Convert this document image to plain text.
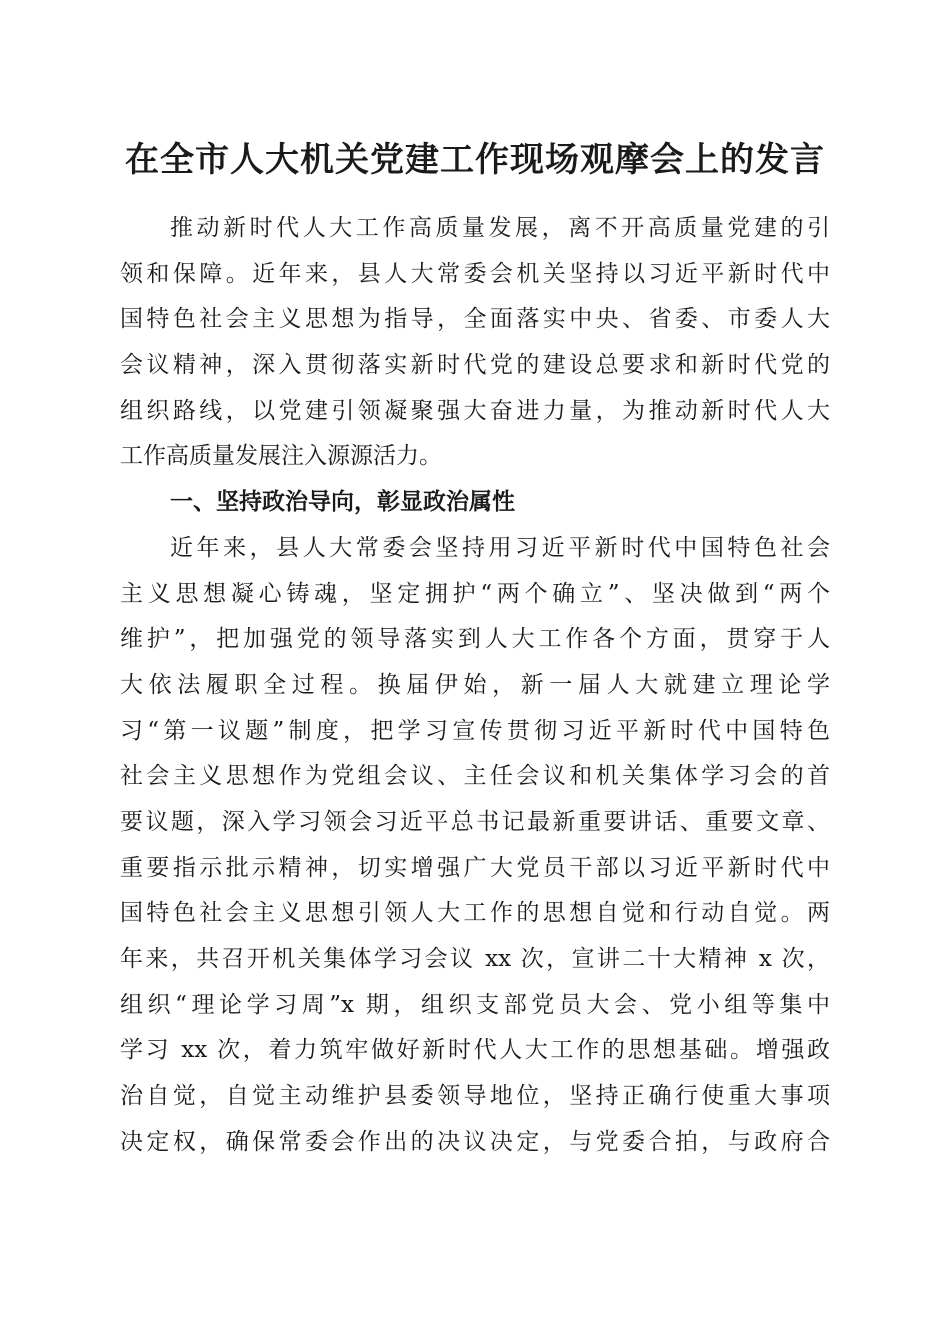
在全市人大机关党建工作现场观摩会上的发言
推动新时代人大工作高质量发展，离不开高质量党建的引
领和保障。近年来，县人大常委会机关坚持以习近平新时代中
国特色社会主义思想为指导，全面落实中央、省委、市委人大
会议精神，深入贯彻落实新时代党的建设总要求和新时代党的
组织路线，以党建引领凝聚强大奋进力量，为推动新时代人大
工作高质量发展注入源源活力。
一、坚持政治导向，彰显政治属性
近年来，县人大常委会坚持用习近平新时代中国特色社会
主义思想凝心铸魂，坚定拥护“两个确立”、坚决做到“两个
维护”，把加强党的领导落实到人大工作各个方面，贯穿于人
大依法履职全过程。换届伊始，新一届人大就建立理论学
习“第一议题”制度，把学习宣传贯彻习近平新时代中国特色
社会主义思想作为党组会议、主任会议和机关集体学习会的首
要议题，深入学习领会习近平总书记最新重要讲话、重要文章、
重要指示批示精神，切实增强广大党员干部以习近平新时代中
国特色社会主义思想引领人大工作的思想自觉和行动自觉。两
年来，共召开机关集体学习会议 xx 次，宣讲二十大精神 x 次，
组织“理论学习周”x 期，组织支部党员大会、党小组等集中
学习 xx 次，着力筑牢做好新时代人大工作的思想基础。增强政
治自觉，自觉主动维护县委领导地位，坚持正确行使重大事项
决定权，确保常委会作出的决议决定，与党委合拍，与政府合
